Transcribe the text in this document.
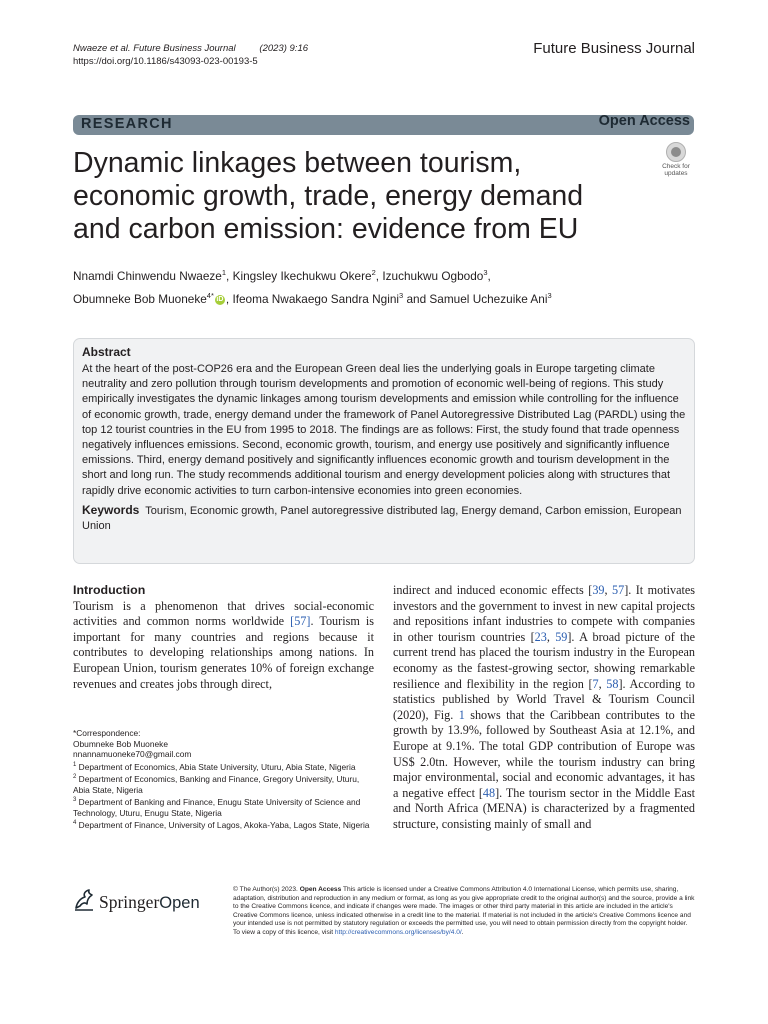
Nwaeze et al. Future Business Journal	(2023) 9:16
https://doi.org/10.1186/s43093-023-00193-5
Future Business Journal
RESEARCH	Open Access
Dynamic linkages between tourism, economic growth, trade, energy demand and carbon emission: evidence from EU
Check for
updates
Nnamdi Chinwendu Nwaeze$^1$, Kingsley Ikechukwu Okere$^2$, Izuchukwu Ogbodo$^3$,
Obumneke Bob Muoneke$^{4*}$ iD , Ifeoma Nwakaego Sandra Ngini$^3$ and Samuel Uchezuike Ani$^3$
Abstract

At the heart of the post-COP26 era and the European Green deal lies the underlying goals in Europe targeting climate neutrality and zero pollution through tourism developments and promotion of economic well-being of regions. This study empirically investigates the dynamic linkages among tourism developments and emission while controlling for the influence of economic growth, trade, energy demand under the framework of Panel Autoregressive Distributed Lag (PARDL) using the top 12 tourist countries in the EU from 1995 to 2018. The findings are as follows: First, the study found that trade openness negatively influences emissions. Second, economic growth, tourism, and energy use positively and significantly influence emissions. Third, energy demand positively and significantly influences economic growth and tourism development in the short and long run. The study recommends additional tourism and energy development policies along with structures that rapidly drive economic activities to turn carbon-intensive economies into green economies.

Keywords Tourism, Economic growth, Panel autoregressive distributed lag, Energy demand, Carbon emission, European Union
Introduction
Tourism is a phenomenon that drives social-economic activities and common norms worldwide [57]. Tourism is important for many countries and regions because it contributes to developing relationships among nations. In European Union, tourism generates 10% of foreign exchange revenues and creates jobs through direct,
indirect and induced economic effects [39, 57]. It motivates investors and the government to invest in new capital projects and repositions infant industries to compete with companies in other tourism countries [23, 59]. A broad picture of the current trend has placed the tourism industry in the European economy as the fastest-growing sector, showing remarkable resilience and flexibility in the region [7, 58]. According to statistics published by World Travel & Tourism Council (2020), Fig. 1 shows that the Caribbean contributes to the growth by 13.9%, followed by Southeast Asia at 12.1%, and Europe at 9.1%. The total GDP contribution of Europe was US$ 2.0tn. However, while the tourism industry can bring major environmental, social and economic advantages, it has a negative effect [48]. The tourism sector in the Middle East and North Africa (MENA) is characterized by a fragmented structure, consisting mainly of small and
*Correspondence:
Obumneke Bob Muoneke
nnannamuoneke70@gmail.com
$^1$ Department of Economics, Abia State University, Uturu, Abia State, Nigeria
$^2$ Department of Economics, Banking and Finance, Gregory University, Uturu, Abia State, Nigeria
$^3$ Department of Banking and Finance, Enugu State University of Science and Technology, Uturu, Enugu State, Nigeria
$^4$ Department of Finance, University of Lagos, Akoka-Yaba, Lagos State, Nigeria
SpringerOpen
© The Author(s) 2023. Open Access This article is licensed under a Creative Commons Attribution 4.0 International License, which permits use, sharing, adaptation, distribution and reproduction in any medium or format, as long as you give appropriate credit to the original author(s) and the source, provide a link to the Creative Commons licence, and indicate if changes were made. The images or other third party material in this article are included in the article's Creative Commons licence, unless indicated otherwise in a credit line to the material. If material is not included in the article's Creative Commons licence and your intended use is not permitted by statutory regulation or exceeds the permitted use, you will need to obtain permission directly from the copyright holder. To view a copy of this licence, visit http://creativecommons.org/licenses/by/4.0/.
